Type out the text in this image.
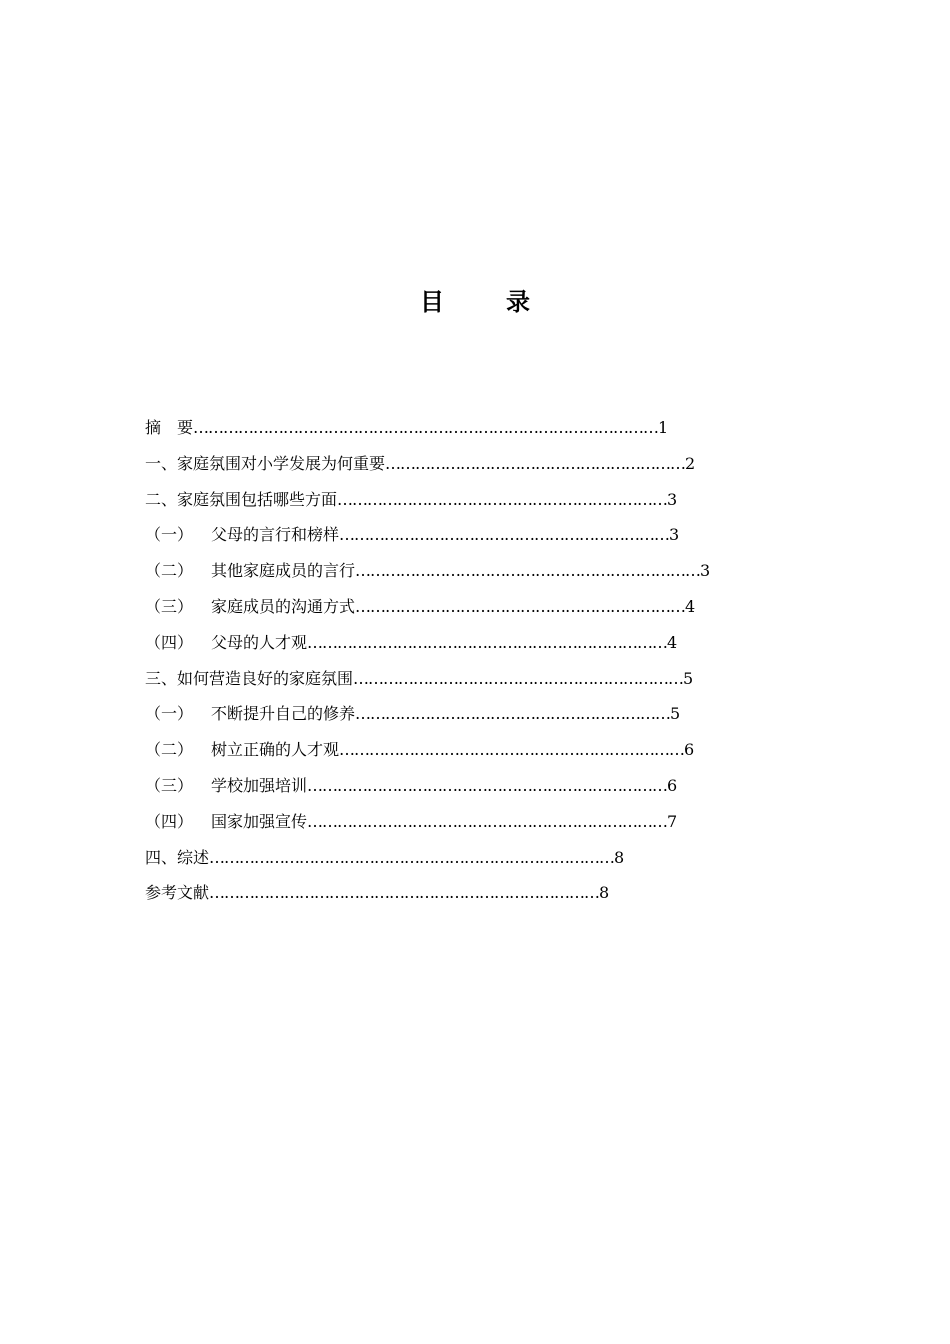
目	录
摘　要…………………………………………………………………………………1
一、家庭氛围对小学发展为何重要……………………………………………………2
二、家庭氛围包括哪些方面…………………………………………………………3
（一） 父母的言行和榜样…………………………………………………………3
（二） 其他家庭成员的言行……………………………………………………………3
（三） 家庭成员的沟通方式…………………………………………………………4
（四） 父母的人才观………………………………………………………………4
三、如何营造良好的家庭氛围…………………………………………………………5
（一） 不断提升自己的修养………………………………………………………5
（二） 树立正确的人才观……………………………………………………………6
（三） 学校加强培训………………………………………………………………6
（四） 国家加强宣传………………………………………………………………7
四、综述………………………………………………………………………8
参考文献……………………………………………………………………8
